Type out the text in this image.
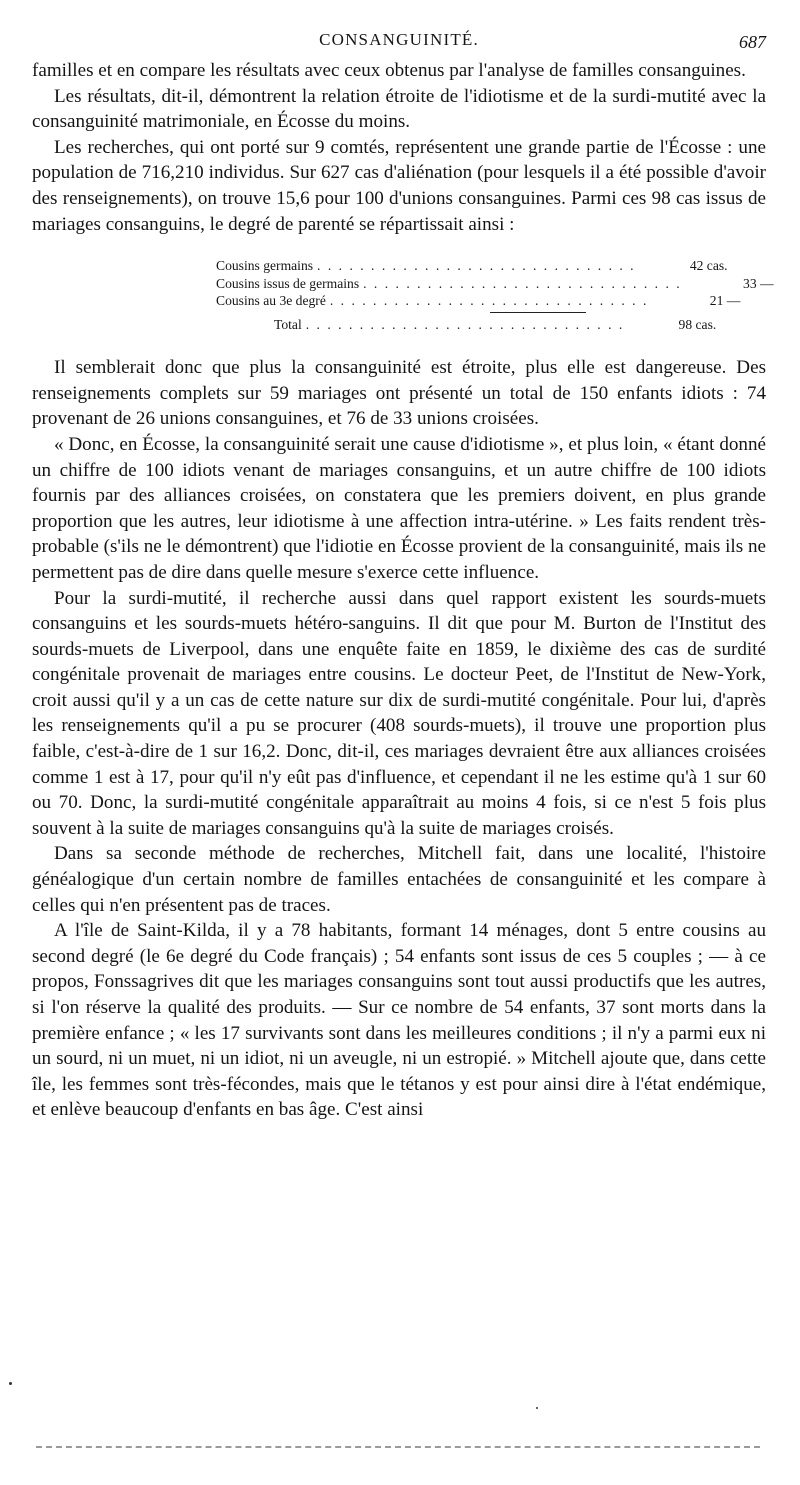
CONSANGUINITÉ.	687

familles et en compare les résultats avec ceux obtenus par l'analyse de familles consanguines.

Les résultats, dit-il, démontrent la relation étroite de l'idiotisme et de la surdi-mutité avec la consanguinité matrimoniale, en Écosse du moins.

Les recherches, qui ont porté sur 9 comtés, représentent une grande partie de l'Écosse : une population de 716,210 individus. Sur 627 cas d'aliénation (pour lesquels il a été possible d'avoir des renseignements), on trouve 15,6 pour 100 d'unions consanguines. Parmi ces 98 cas issus de mariages consanguins, le degré de parenté se répartissait ainsi :

Cousins germains . . . . . . . . . . . . . . . . . . . . . . . . . . . . . .	42 cas.
Cousins issus de germains . . . . . . . . . . . . . . . . . . . . . . . . . . . . . .	33 —
Cousins au 3e degré . . . . . . . . . . . . . . . . . . . . . . . . . . . . . .	21 —
Total . . . . . . . . . . . . . . . . . . . . . . . . . . . . . .	98 cas.

Il semblerait donc que plus la consanguinité est étroite, plus elle est dangereuse. Des renseignements complets sur 59 mariages ont présenté un total de 150 enfants idiots : 74 provenant de 26 unions consanguines, et 76 de 33 unions croisées.

« Donc, en Écosse, la consanguinité serait une cause d'idiotisme », et plus loin, « étant donné un chiffre de 100 idiots venant de mariages consanguins, et un autre chiffre de 100 idiots fournis par des alliances croisées, on constatera que les premiers doivent, en plus grande proportion que les autres, leur idiotisme à une affection intra-utérine. » Les faits rendent très-probable (s'ils ne le démontrent) que l'idiotie en Écosse provient de la consanguinité, mais ils ne permettent pas de dire dans quelle mesure s'exerce cette influence.

Pour la surdi-mutité, il recherche aussi dans quel rapport existent les sourds-muets consanguins et les sourds-muets hétéro-sanguins. Il dit que pour M. Burton de l'Institut des sourds-muets de Liverpool, dans une enquête faite en 1859, le dixième des cas de surdité congénitale provenait de mariages entre cousins. Le docteur Peet, de l'Institut de New-York, croit aussi qu'il y a un cas de cette nature sur dix de surdi-mutité congénitale. Pour lui, d'après les renseignements qu'il a pu se procurer (408 sourds-muets), il trouve une proportion plus faible, c'est-à-dire de 1 sur 16,2. Donc, dit-il, ces mariages devraient être aux alliances croisées comme 1 est à 17, pour qu'il n'y eût pas d'influence, et cependant il ne les estime qu'à 1 sur 60 ou 70. Donc, la surdi-mutité congénitale apparaîtrait au moins 4 fois, si ce n'est 5 fois plus souvent à la suite de mariages consanguins qu'à la suite de mariages croisés.

Dans sa seconde méthode de recherches, Mitchell fait, dans une localité, l'histoire généalogique d'un certain nombre de familles entachées de consanguinité et les compare à celles qui n'en présentent pas de traces.

A l'île de Saint-Kilda, il y a 78 habitants, formant 14 ménages, dont 5 entre cousins au second degré (le 6e degré du Code français) ; 54 enfants sont issus de ces 5 couples ; — à ce propos, Fonssagrives dit que les mariages consanguins sont tout aussi productifs que les autres, si l'on réserve la qualité des produits. — Sur ce nombre de 54 enfants, 37 sont morts dans la première enfance ; « les 17 survivants sont dans les meilleures conditions ; il n'y a parmi eux ni un sourd, ni un muet, ni un idiot, ni un aveugle, ni un estropié. » Mitchell ajoute que, dans cette île, les femmes sont très-fécondes, mais que le tétanos y est pour ainsi dire à l'état endémique, et enlève beaucoup d'enfants en bas âge. C'est ainsi
